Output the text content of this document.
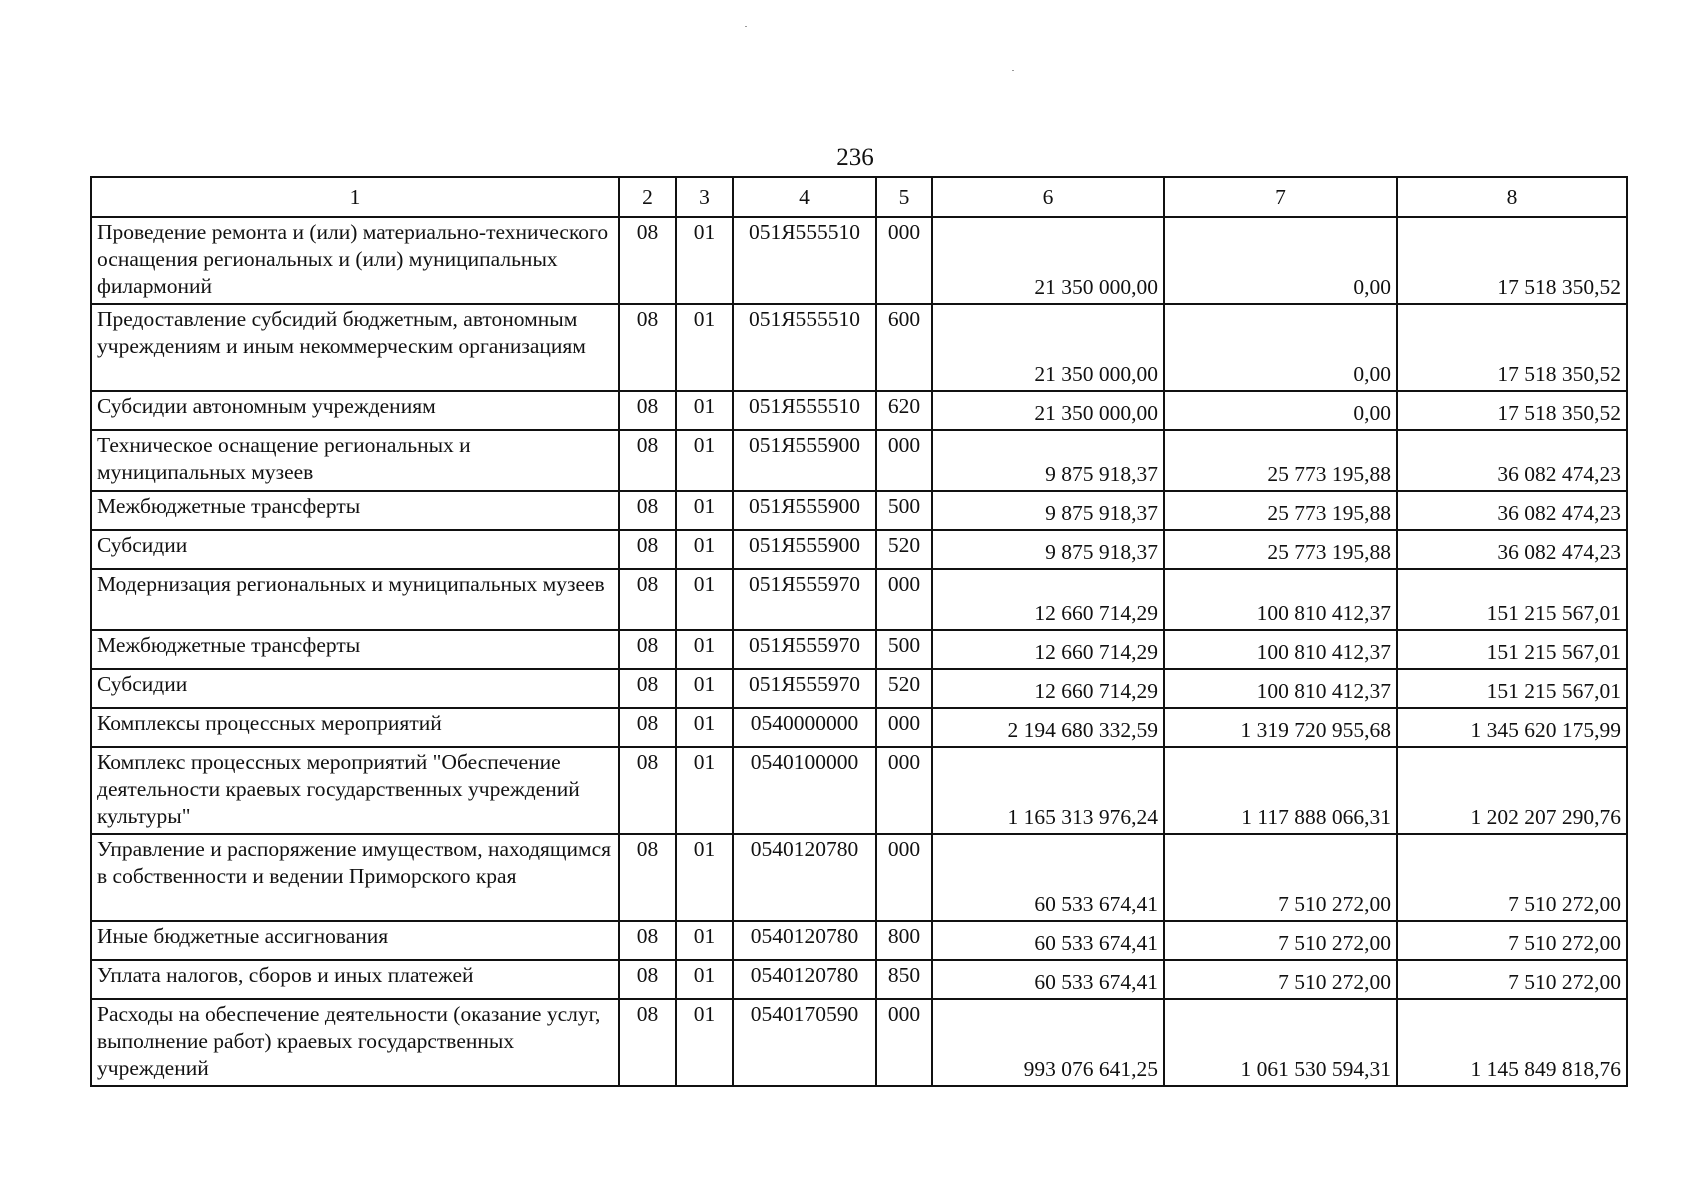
236
1	2	3	4	5	6	7	8
Проведение ремонта и (или) материально-технического оснащения региональных и (или) муниципальных филармоний	08	01	051Я555510	000	21 350 000,00	0,00	17 518 350,52
Предоставление субсидий бюджетным, автономным учреждениям и иным некоммерческим организациям	08	01	051Я555510	600	21 350 000,00	0,00	17 518 350,52
Субсидии автономным учреждениям	08	01	051Я555510	620	21 350 000,00	0,00	17 518 350,52
Техническое оснащение региональных и муниципальных музеев	08	01	051Я555900	000	9 875 918,37	25 773 195,88	36 082 474,23
Межбюджетные трансферты	08	01	051Я555900	500	9 875 918,37	25 773 195,88	36 082 474,23
Субсидии	08	01	051Я555900	520	9 875 918,37	25 773 195,88	36 082 474,23
Модернизация региональных и муниципальных музеев	08	01	051Я555970	000	12 660 714,29	100 810 412,37	151 215 567,01
Межбюджетные трансферты	08	01	051Я555970	500	12 660 714,29	100 810 412,37	151 215 567,01
Субсидии	08	01	051Я555970	520	12 660 714,29	100 810 412,37	151 215 567,01
Комплексы процессных мероприятий	08	01	0540000000	000	2 194 680 332,59	1 319 720 955,68	1 345 620 175,99
Комплекс процессных мероприятий "Обеспечение деятельности краевых государственных учреждений культуры"	08	01	0540100000	000	1 165 313 976,24	1 117 888 066,31	1 202 207 290,76
Управление и распоряжение имуществом, находящимся в собственности и ведении Приморского края	08	01	0540120780	000	60 533 674,41	7 510 272,00	7 510 272,00
Иные бюджетные ассигнования	08	01	0540120780	800	60 533 674,41	7 510 272,00	7 510 272,00
Уплата налогов, сборов и иных платежей	08	01	0540120780	850	60 533 674,41	7 510 272,00	7 510 272,00
Расходы на обеспечение деятельности (оказание услуг, выполнение работ) краевых государственных учреждений	08	01	0540170590	000	993 076 641,25	1 061 530 594,31	1 145 849 818,76
